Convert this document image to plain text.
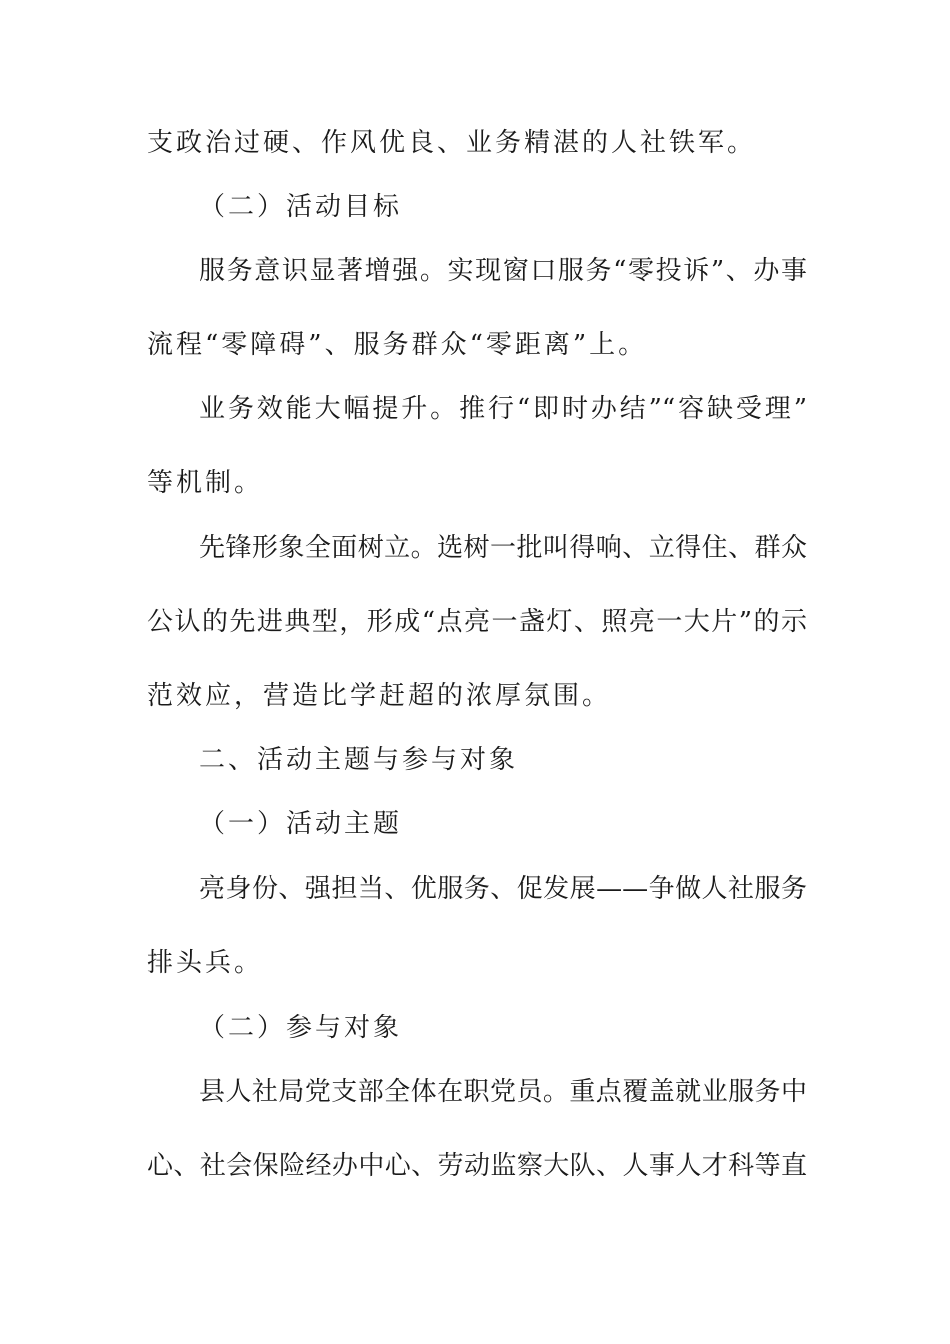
支政治过硬、作风优良、业务精湛的人社铁军。
（二）活动目标
服务意识显著增强。实现窗口服务“零投诉”、办事
流程“零障碍”、服务群众“零距离”上。
业务效能大幅提升。推行“即时办结”“容缺受理”
等机制。
先锋形象全面树立。选树一批叫得响、立得住、群众
公认的先进典型，形成“点亮一盏灯、照亮一大片”的示
范效应，营造比学赶超的浓厚氛围。
二、活动主题与参与对象
（一）活动主题
亮身份、强担当、优服务、促发展——争做人社服务
排头兵。
（二）参与对象
县人社局党支部全体在职党员。重点覆盖就业服务中
心、社会保险经办中心、劳动监察大队、人事人才科等直
